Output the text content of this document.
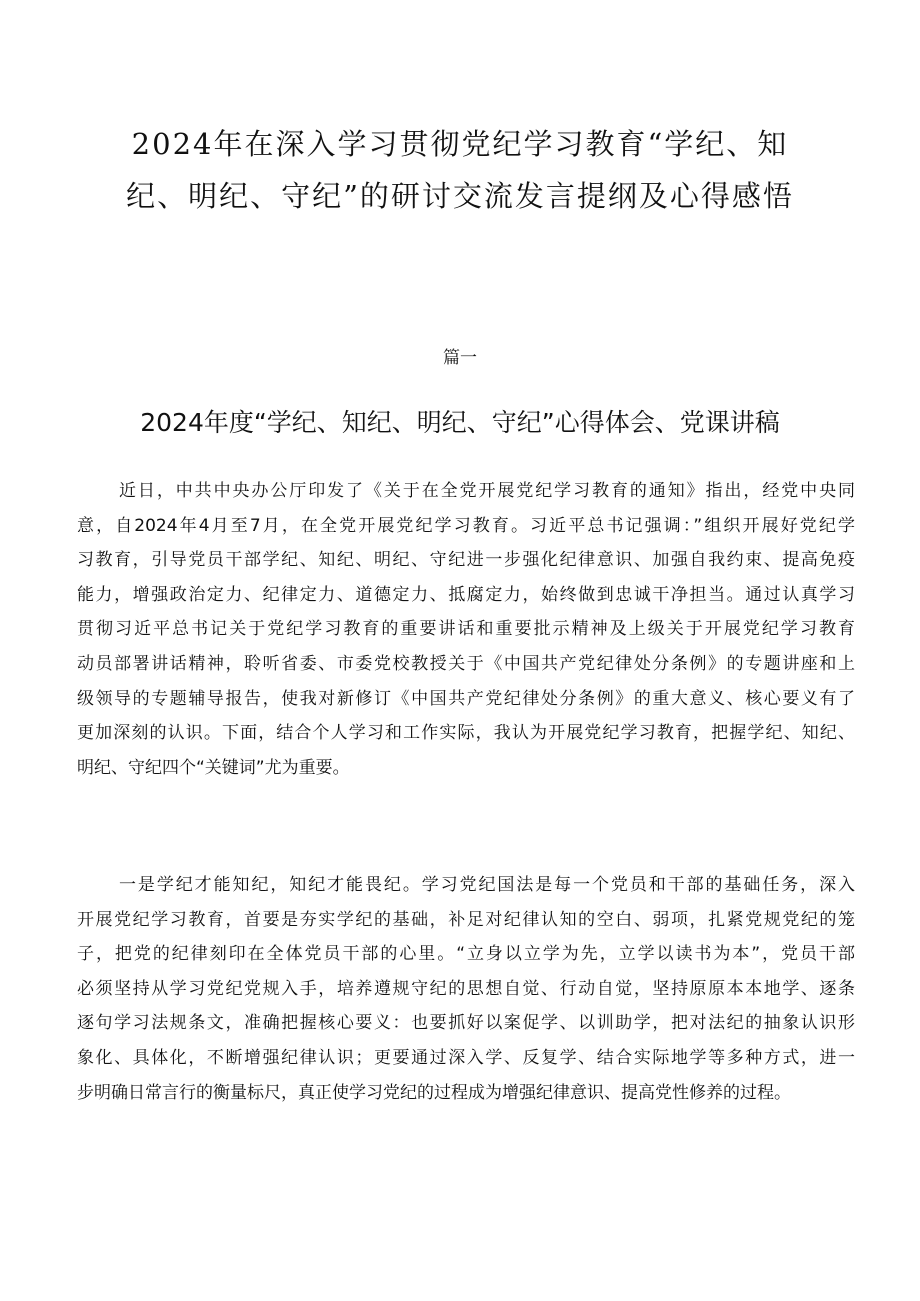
2024年在深入学习贯彻党纪学习教育“学纪、知
纪、明纪、守纪”的研讨交流发言提纲及心得感悟
篇一
2024年度“学纪、知纪、明纪、守纪”心得体会、党课讲稿

近日，中共中央办公厅印发了《关于在全党开展党纪学习教育的通知》指出，经党中央同
意，自2024年4月至7月，在全党开展党纪学习教育。习近平总书记强调：”组织开展好党纪学
习教育，引导党员干部学纪、知纪、明纪、守纪进一步强化纪律意识、加强自我约束、提高免疫
能力，增强政治定力、纪律定力、道德定力、抵腐定力，始终做到忠诚干净担当。通过认真学习
贯彻习近平总书记关于党纪学习教育的重要讲话和重要批示精神及上级关于开展党纪学习教育
动员部署讲话精神，聆听省委、市委党校教授关于《中国共产党纪律处分条例》的专题讲座和上
级领导的专题辅导报告，使我对新修订《中国共产党纪律处分条例》的重大意义、核心要义有了
更加深刻的认识。下面，结合个人学习和工作实际，我认为开展党纪学习教育，把握学纪、知纪、
明纪、守纪四个“关键词”尤为重要。

一是学纪才能知纪，知纪才能畏纪。学习党纪国法是每一个党员和干部的基础任务，深入
开展党纪学习教育，首要是夯实学纪的基础，补足对纪律认知的空白、弱项，扎紧党规党纪的笼
子，把党的纪律刻印在全体党员干部的心里。“立身以立学为先，立学以读书为本”，党员干部
必须坚持从学习党纪党规入手，培养遵规守纪的思想自觉、行动自觉，坚持原原本本地学、逐条
逐句学习法规条文，准确把握核心要义：也要抓好以案促学、以训助学，把对法纪的抽象认识形
象化、具体化，不断增强纪律认识；更要通过深入学、反复学、结合实际地学等多种方式，进一
步明确日常言行的衡量标尺，真正使学习党纪的过程成为增强纪律意识、提高党性修养的过程。
